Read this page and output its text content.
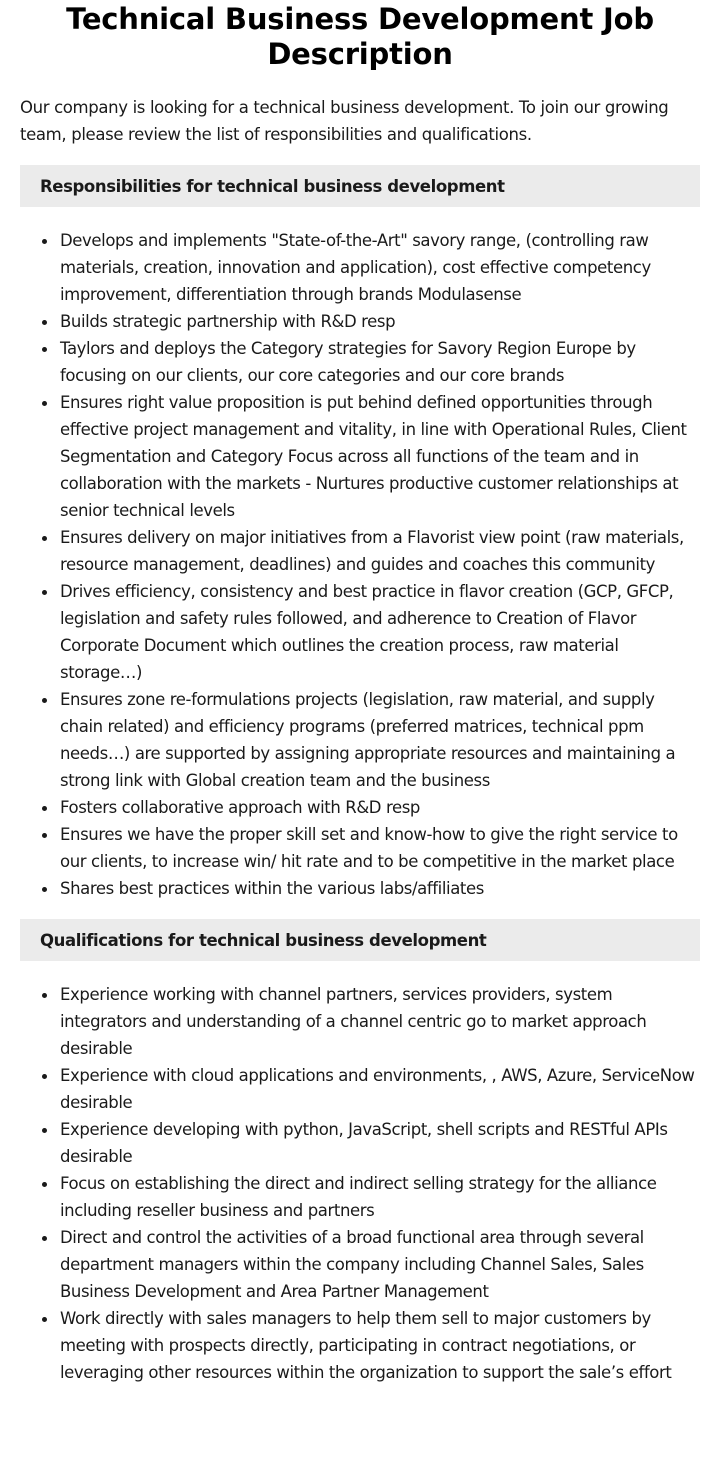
Technical Business Development Job Description

Our company is looking for a technical business development. To join our growing team, please review the list of responsibilities and qualifications.

Responsibilities for technical business development
Develops and implements "State-of-the-Art" savory range, (controlling raw materials, creation, innovation and application), cost effective competency improvement, differentiation through brands Modulasense
Builds strategic partnership with R&D resp
Taylors and deploys the Category strategies for Savory Region Europe by focusing on our clients, our core categories and our core brands
Ensures right value proposition is put behind defined opportunities through effective project management and vitality, in line with Operational Rules, Client Segmentation and Category Focus across all functions of the team and in collaboration with the markets - Nurtures productive customer relationships at senior technical levels
Ensures delivery on major initiatives from a Flavorist view point (raw materials, resource management, deadlines) and guides and coaches this community
Drives efficiency, consistency and best practice in flavor creation (GCP, GFCP, legislation and safety rules followed, and adherence to Creation of Flavor Corporate Document which outlines the creation process, raw material storage…)
Ensures zone re-formulations projects (legislation, raw material, and supply chain related) and efficiency programs (preferred matrices, technical ppm needs…) are supported by assigning appropriate resources and maintaining a strong link with Global creation team and the business
Fosters collaborative approach with R&D resp
Ensures we have the proper skill set and know-how to give the right service to our clients, to increase win/ hit rate and to be competitive in the market place
Shares best practices within the various labs/affiliates
Qualifications for technical business development
Experience working with channel partners, services providers, system integrators and understanding of a channel centric go to market approach desirable
Experience with cloud applications and environments, , AWS, Azure, ServiceNow desirable
Experience developing with python, JavaScript, shell scripts and RESTful APIs desirable
Focus on establishing the direct and indirect selling strategy for the alliance including reseller business and partners
Direct and control the activities of a broad functional area through several department managers within the company including Channel Sales, Sales Business Development and Area Partner Management
Work directly with sales managers to help them sell to major customers by meeting with prospects directly, participating in contract negotiations, or leveraging other resources within the organization to support the sale’s effort
